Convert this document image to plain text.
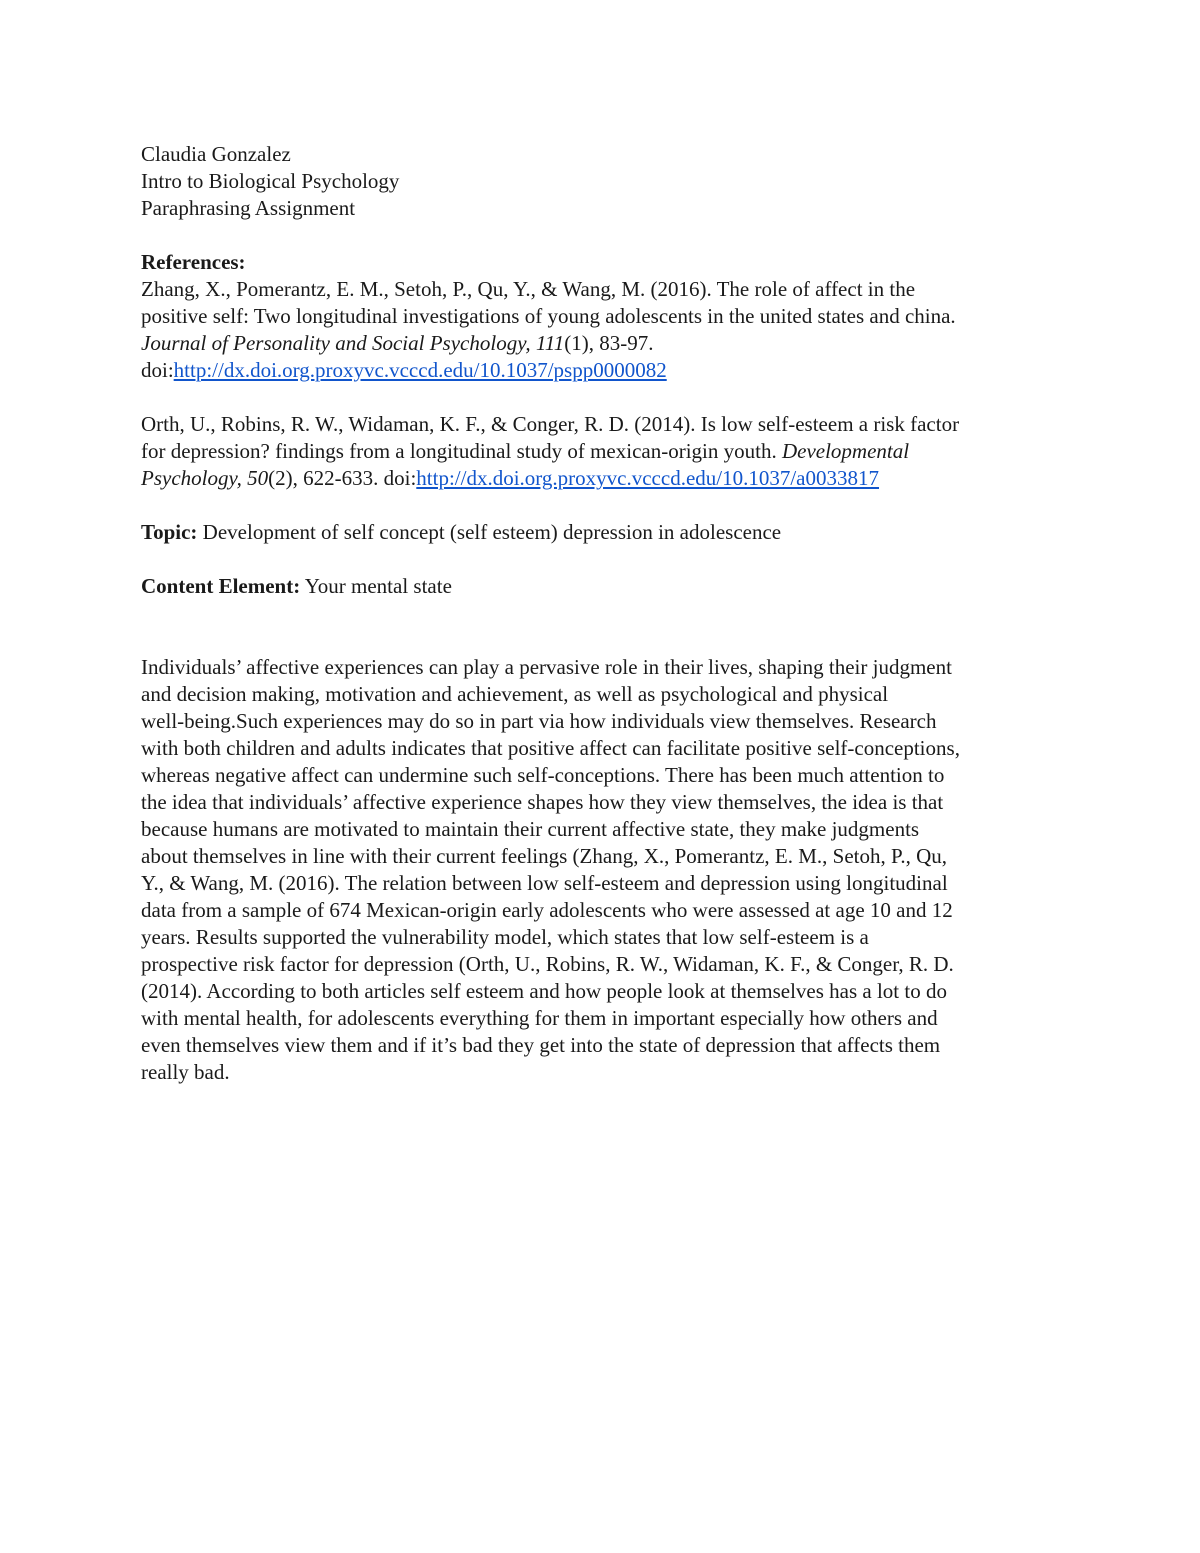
Claudia Gonzalez
Intro to Biological Psychology
Paraphrasing Assignment
References:
Zhang, X., Pomerantz, E. M., Setoh, P., Qu, Y., & Wang, M. (2016). The role of affect in the
positive self: Two longitudinal investigations of young adolescents in the united states and china.
Journal of Personality and Social Psychology, 111(1), 83-97.
doi:http://dx.doi.org.proxyvc.vcccd.edu/10.1037/pspp0000082
Orth, U., Robins, R. W., Widaman, K. F., & Conger, R. D. (2014). Is low self-esteem a risk factor
for depression? findings from a longitudinal study of mexican-origin youth. Developmental
Psychology, 50(2), 622-633. doi:http://dx.doi.org.proxyvc.vcccd.edu/10.1037/a0033817
Topic: Development of self concept (self esteem) depression in adolescence
Content Element: Your mental state
Individuals’ affective experiences can play a pervasive role in their lives, shaping their judgment
and decision making, motivation and achievement, as well as psychological and physical
well-being.Such experiences may do so in part via how individuals view themselves. Research
with both children and adults indicates that positive affect can facilitate positive self-conceptions,
whereas negative affect can undermine such self-conceptions. There has been much attention to
the idea that individuals’ affective experience shapes how they view themselves, the idea is that
because humans are motivated to maintain their current affective state, they make judgments
about themselves in line with their current feelings (Zhang, X., Pomerantz, E. M., Setoh, P., Qu,
Y., & Wang, M. (2016). The relation between low self-esteem and depression using longitudinal
data from a sample of 674 Mexican-origin early adolescents who were assessed at age 10 and 12
years. Results supported the vulnerability model, which states that low self-esteem is a
prospective risk factor for depression (Orth, U., Robins, R. W., Widaman, K. F., & Conger, R. D.
(2014). According to both articles self esteem and how people look at themselves has a lot to do
with mental health, for adolescents everything for them in important especially how others and
even themselves view them and if it’s bad they get into the state of depression that affects them
really bad.
